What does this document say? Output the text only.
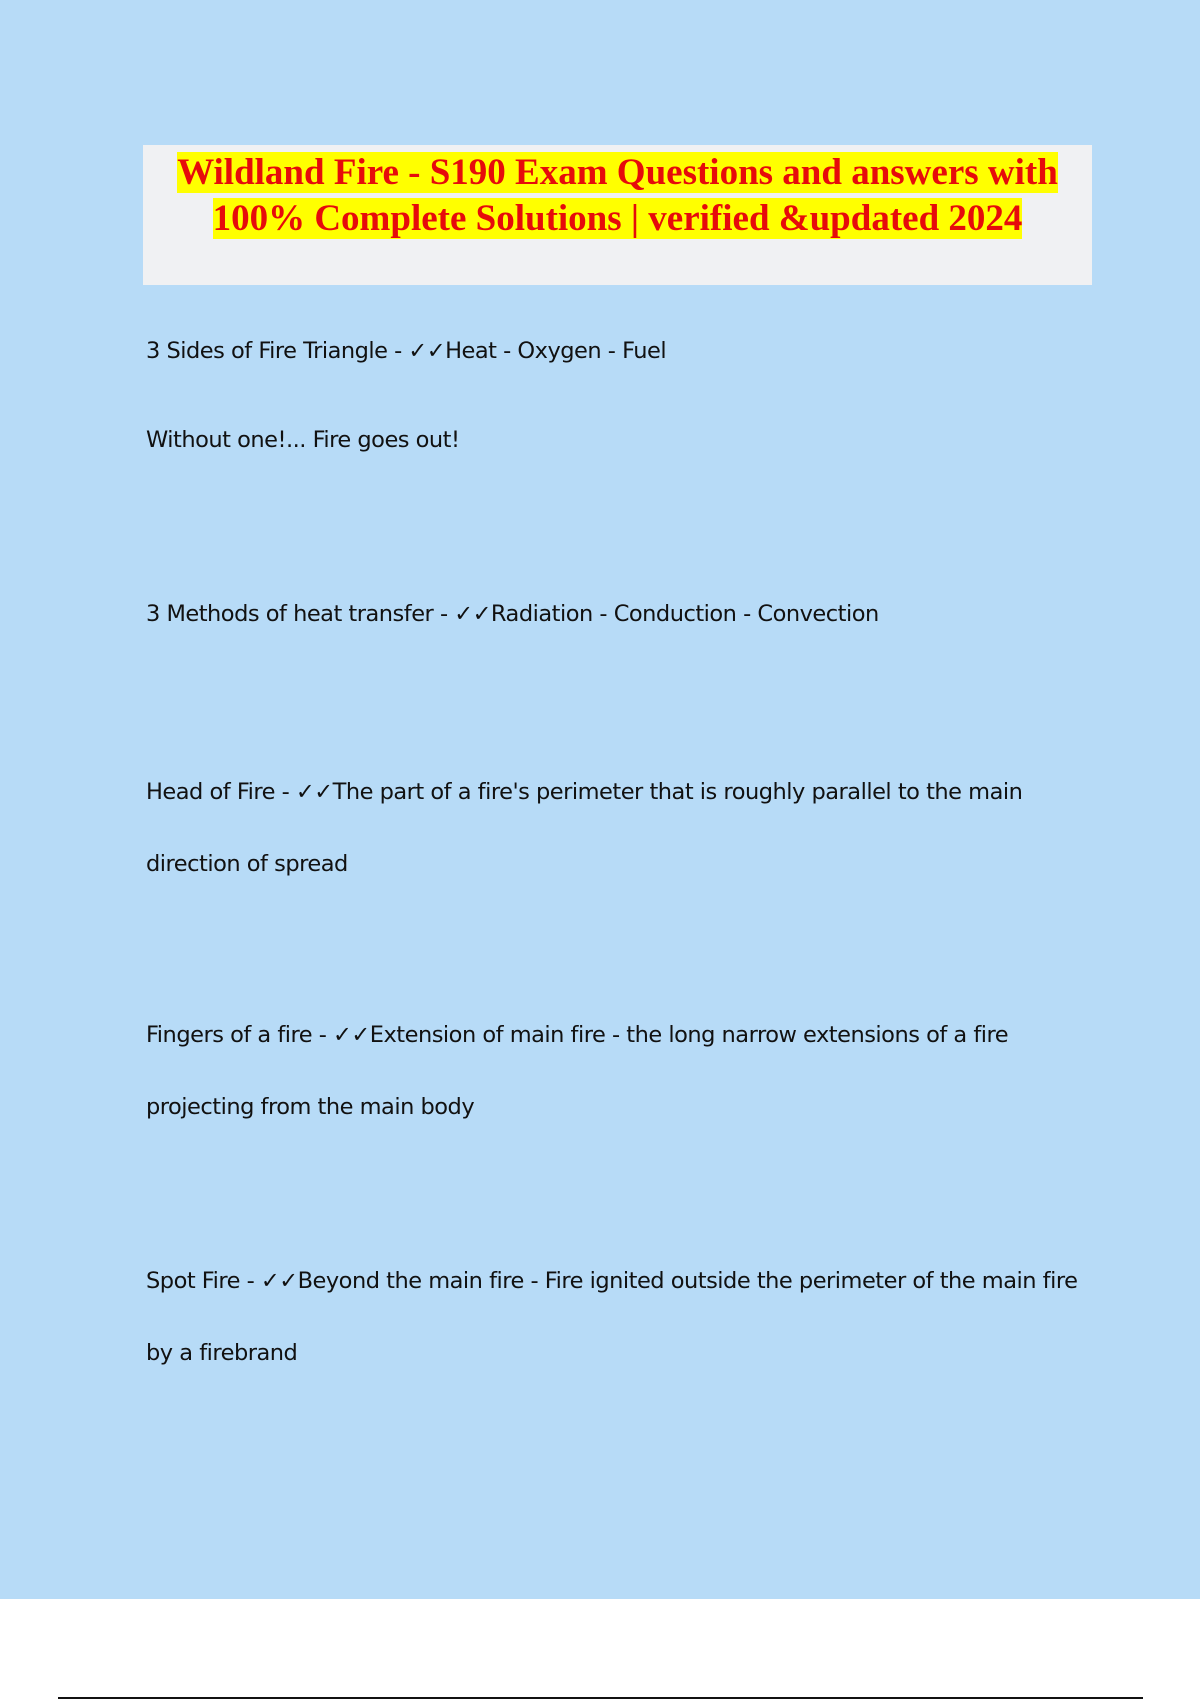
Wildland Fire - S190 Exam Questions and answers with 100% Complete Solutions | verified &updated 2024

3 Sides of Fire Triangle - ✓✓Heat - Oxygen - Fuel

Without one!... Fire goes out!

3 Methods of heat transfer - ✓✓Radiation - Conduction - Convection

Head of Fire - ✓✓The part of a fire's perimeter that is roughly parallel to the main direction of spread

Fingers of a fire - ✓✓Extension of main fire - the long narrow extensions of a fire projecting from the main body

Spot Fire - ✓✓Beyond the main fire - Fire ignited outside the perimeter of the main fire by a firebrand
